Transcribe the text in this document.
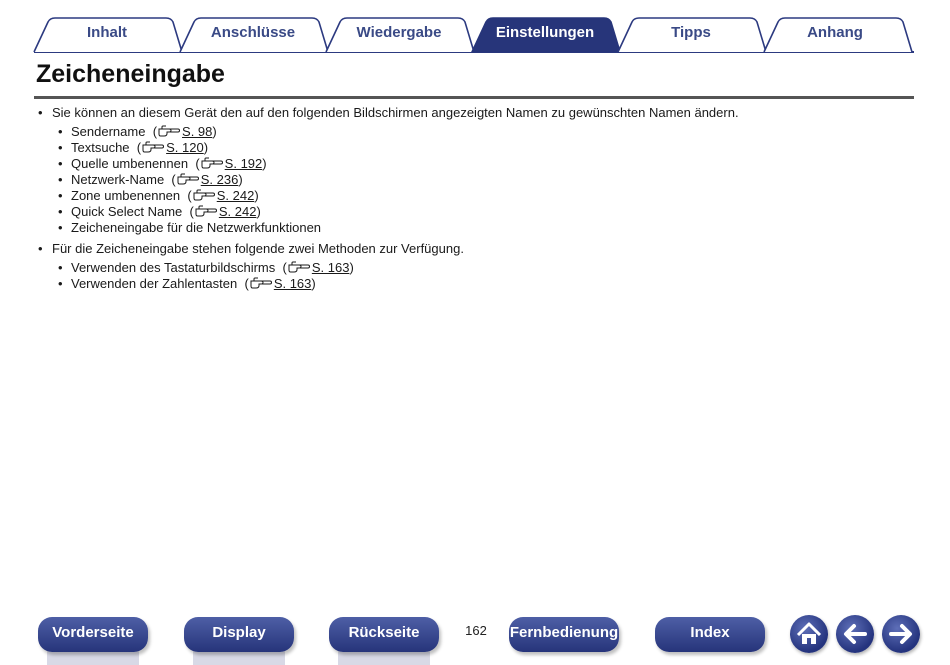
Inhalt	Anschlüsse	Wiedergabe	Einstellungen	Tipps	Anhang
Zeicheneingabe
• Sie können an diesem Gerät den auf den folgenden Bildschirmen angezeigten Namen zu gewünschten Namen ändern.
• Sendername  ( S. 98)
• Textsuche  ( S. 120)
• Quelle umbenennen  ( S. 192)
• Netzwerk-Name  ( S. 236)
• Zone umbenennen  ( S. 242)
• Quick Select Name  ( S. 242)
• Zeicheneingabe für die Netzwerkfunktionen
• Für die Zeicheneingabe stehen folgende zwei Methoden zur Verfügung.
• Verwenden des Tastaturbildschirms  ( S. 163)
• Verwenden der Zahlentasten  ( S. 163)
Vorderseite	Display	Rückseite	162	Fernbedienung	Index
